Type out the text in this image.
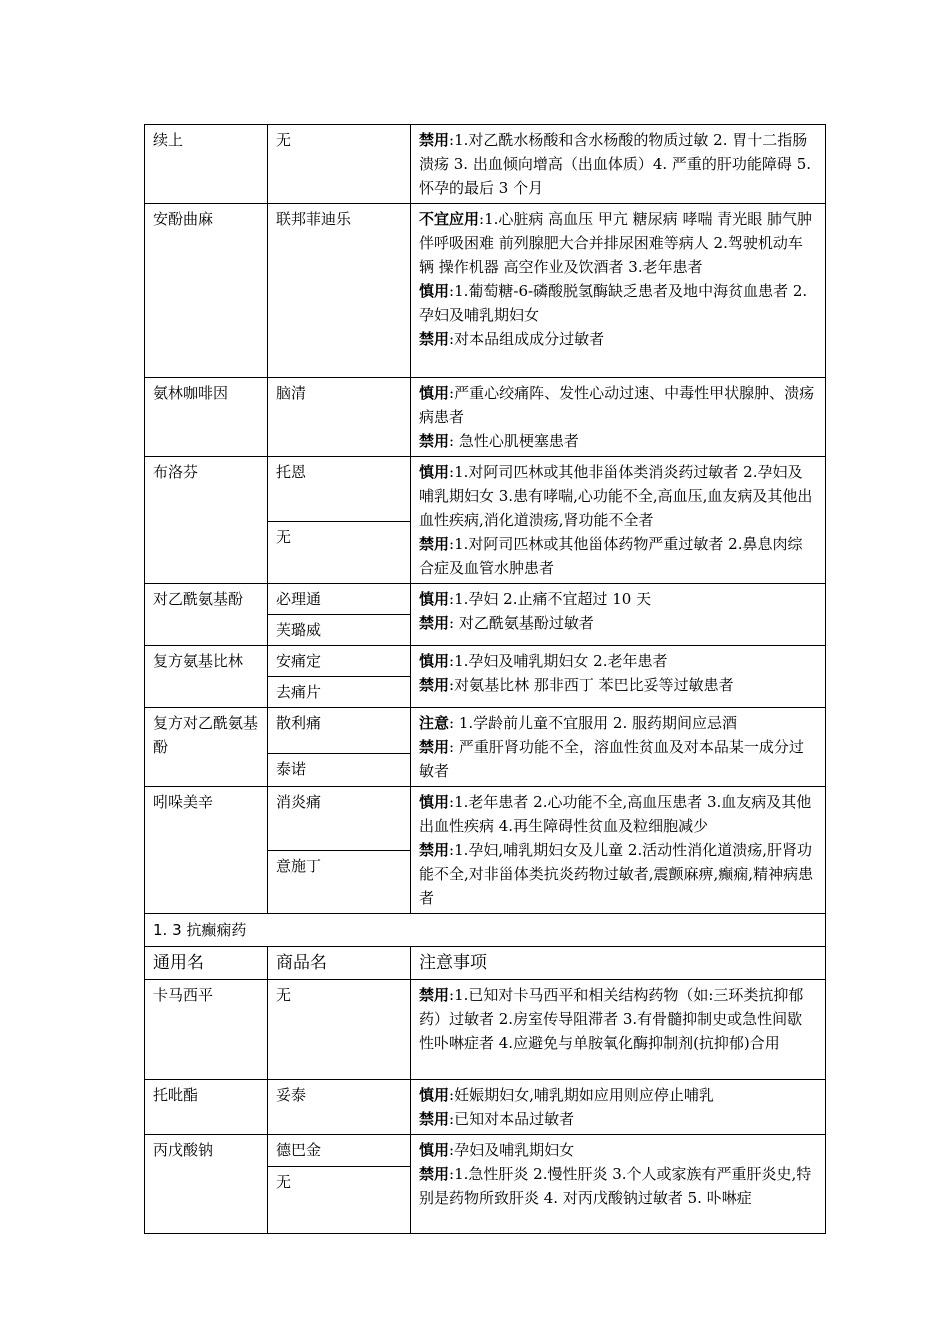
续上	无	禁用:1.对乙酰水杨酸和含水杨酸的物质过敏 2. 胃十二指肠溃疡 3. 出血倾向增高（出血体质）4. 严重的肝功能障碍 5. 怀孕的最后 3 个月

安酚曲麻	联邦菲迪乐	不宜应用:1.心脏病 高血压 甲亢 糖尿病 哮喘 青光眼 肺气肿伴呼吸困难 前列腺肥大合并排尿困难等病人 2.驾驶机动车辆 操作机器 高空作业及饮酒者 3.老年患者
慎用:1.葡萄糖-6-磷酸脱氢酶缺乏患者及地中海贫血患者 2.孕妇及哺乳期妇女
禁用:对本品组成成分过敏者

氨林咖啡因	脑清	慎用:严重心绞痛阵、发性心动过速、中毒性甲状腺肿、溃疡病患者
禁用: 急性心肌梗塞患者

布洛芬	托恩	慎用:1.对阿司匹林或其他非甾体类消炎药过敏者 2.孕妇及哺乳期妇女 3.患有哮喘,心功能不全,高血压,血友病及其他出血性疾病,消化道溃疡,肾功能不全者
禁用:1.对阿司匹林或其他甾体药物严重过敏者 2.鼻息肉综合症及血管水肿患者

	无	
对乙酰氨基酚	必理通	慎用:1.孕妇 2.止痛不宜超过 10 天
禁用: 对乙酰氨基酚过敏者

	芙璐威	
复方氨基比林	安痛定	慎用:1.孕妇及哺乳期妇女 2.老年患者
禁用:对氨基比林 那非西丁 苯巴比妥等过敏患者

	去痛片	
复方对乙酰氨基酚	散利痛	注意: 1.学龄前儿童不宜服用 2. 服药期间应忌酒
禁用: 严重肝肾功能不全，溶血性贫血及对本品某一成分过敏者

	泰诺	
吲哚美辛	消炎痛	慎用:1.老年患者 2.心功能不全,高血压患者 3.血友病及其他出血性疾病 4.再生障碍性贫血及粒细胞减少
禁用:1.孕妇,哺乳期妇女及儿童 2.活动性消化道溃疡,肝肾功能不全,对非甾体类抗炎药物过敏者,震颤麻痹,癫痫,精神病患者

	意施丁	
1. 3 抗癫痫药		
通用名	商品名	注意事项
卡马西平	无	禁用:1.已知对卡马西平和相关结构药物（如:三环类抗抑郁药）过敏者 2.房室传导阻滞者 3.有骨髓抑制史或急性间歇性卟啉症者 4.应避免与单胺氧化酶抑制剂(抗抑郁)合用

托吡酯	妥泰	慎用:妊娠期妇女,哺乳期如应用则应停止哺乳
禁用:已知对本品过敏者

丙戊酸钠	德巴金	慎用:孕妇及哺乳期妇女
禁用:1.急性肝炎 2.慢性肝炎 3.个人或家族有严重肝炎史,特别是药物所致肝炎 4. 对丙戊酸钠过敏者 5. 卟啉症

	无	
